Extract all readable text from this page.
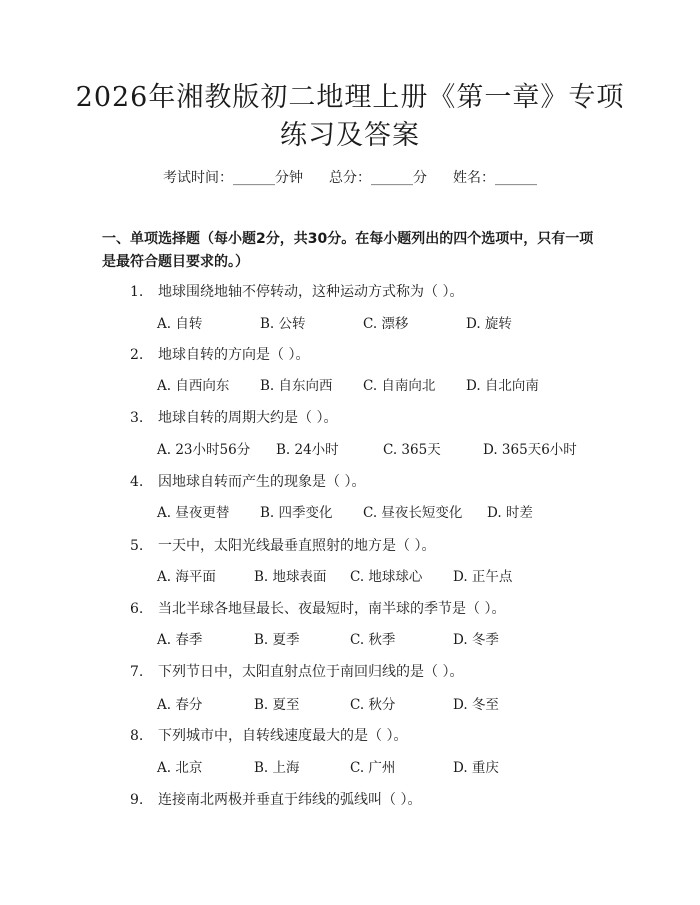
2026年湘教版初二地理上册《第一章》专项
练习及答案
考试时间：______分钟 总分：______分 姓名：______
一、单项选择题（每小题2分，共30分。在每小题列出的四个选项中，只有一项是最符合题目要求的。）
1. 地球围绕地轴不停转动，这种运动方式称为（ ）。
A. 自转	B. 公转	C. 漂移	D. 旋转
2. 地球自转的方向是（ ）。
A. 自西向东 B. 自东向西 C. 自南向北 D. 自北向南
3. 地球自转的周期大约是（ ）。
A. 23小时56分 B. 24小时	C. 365天	D. 365天6小时
4. 因地球自转而产生的现象是（ ）。
A. 昼夜更替 B. 四季变化 C. 昼夜长短变化 D. 时差
5. 一天中，太阳光线最垂直照射的地方是（ ）。
A. 海平面	B. 地球表面 C. 地球球心 D. 正午点
6. 当北半球各地昼最长、夜最短时，南半球的季节是（ ）。
A. 春季	B. 夏季	C. 秋季	D. 冬季
7. 下列节日中，太阳直射点位于南回归线的是（ ）。
A. 春分	B. 夏至	C. 秋分	D. 冬至
8. 下列城市中，自转线速度最大的是（ ）。
A. 北京	B. 上海	C. 广州	D. 重庆
9. 连接南北两极并垂直于纬线的弧线叫（ ）。
